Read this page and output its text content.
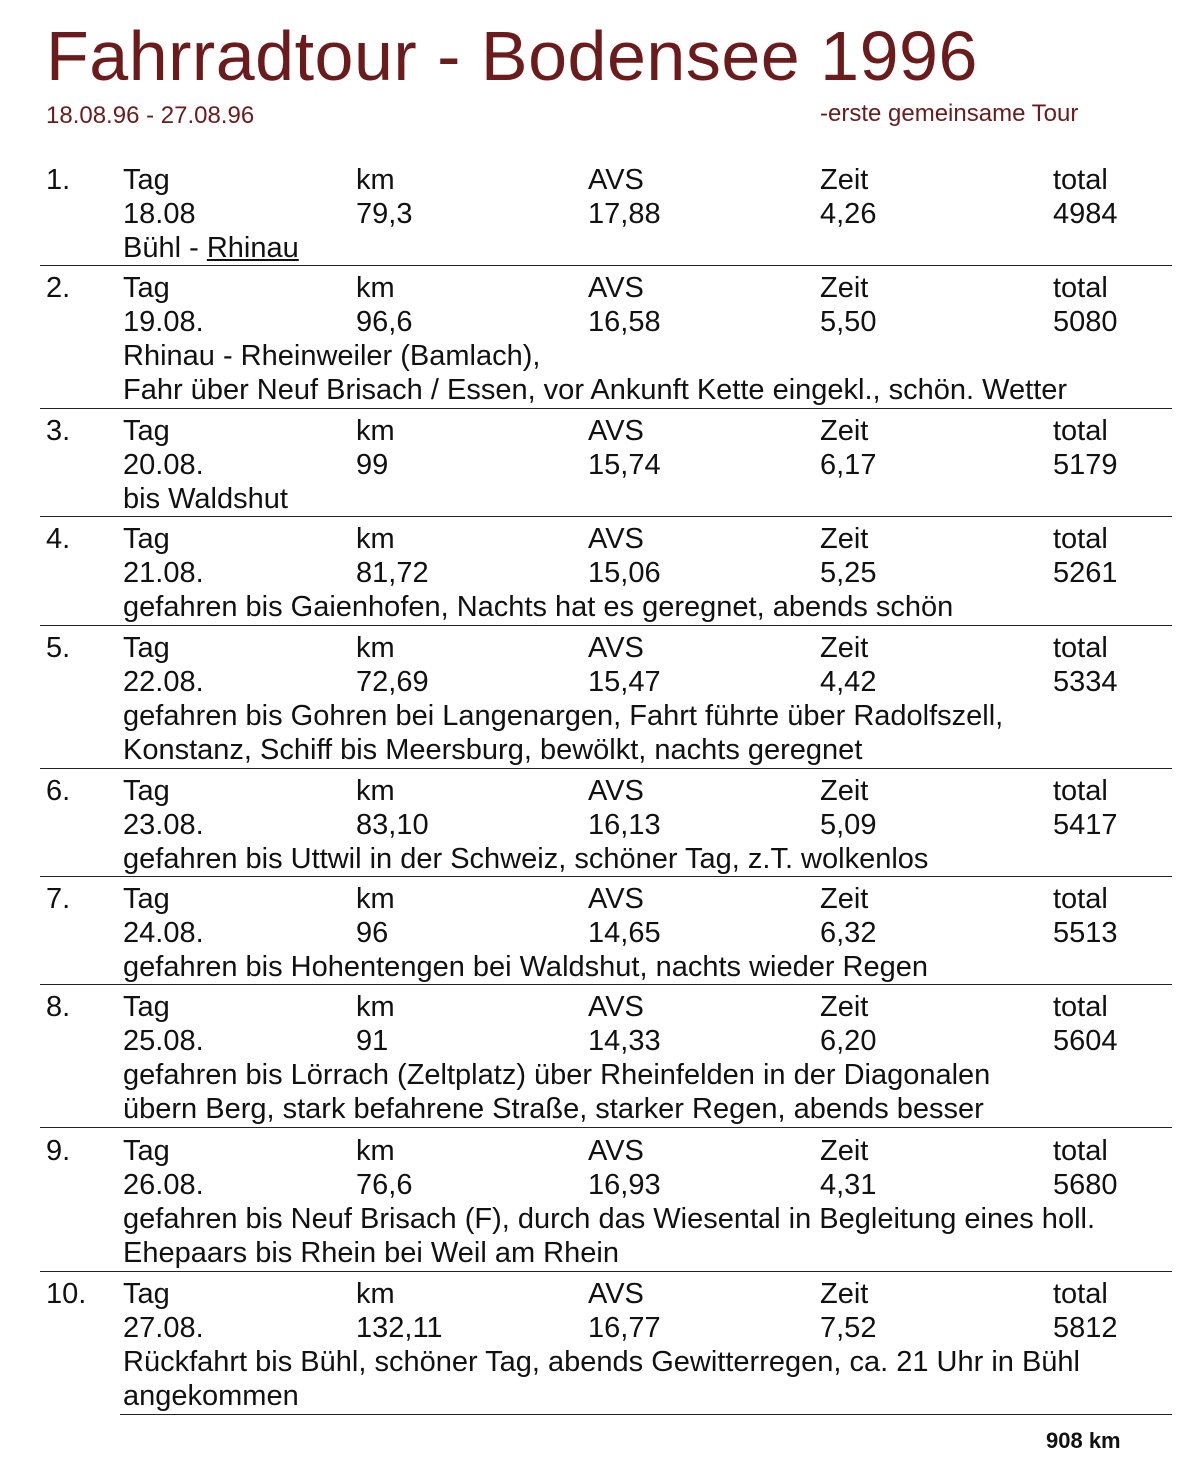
Fahrradtour - Bodensee 1996
18.08.96 - 27.08.96	-erste gemeinsame Tour
1. Tag	km	AVS	Zeit	total
18.08	79,3	17,88	4,26	4984
Bühl - Rhinau
2. Tag	km	AVS	Zeit	total
19.08.	96,6	16,58	5,50	5080
Rhinau - Rheinweiler (Bamlach),
Fahr über Neuf Brisach / Essen, vor Ankunft Kette eingekl., schön. Wetter
3. Tag	km	AVS	Zeit	total
20.08.	99	15,74	6,17	5179
bis Waldshut
4. Tag	km	AVS	Zeit	total
21.08.	81,72	15,06	5,25	5261
gefahren bis Gaienhofen, Nachts hat es geregnet, abends schön
5. Tag	km	AVS	Zeit	total
22.08.	72,69	15,47	4,42	5334
gefahren bis Gohren bei Langenargen, Fahrt führte über Radolfszell,
Konstanz, Schiff bis Meersburg, bewölkt, nachts geregnet
6. Tag	km	AVS	Zeit	total
23.08.	83,10	16,13	5,09	5417
gefahren bis Uttwil in der Schweiz, schöner Tag, z.T. wolkenlos
7. Tag	km	AVS	Zeit	total
24.08.	96	14,65	6,32	5513
gefahren bis Hohentengen bei Waldshut, nachts wieder Regen
8. Tag	km	AVS	Zeit	total
25.08.	91	14,33	6,20	5604
gefahren bis Lörrach (Zeltplatz) über Rheinfelden in der Diagonalen
übern Berg, stark befahrene Straße, starker Regen, abends besser
9. Tag	km	AVS	Zeit	total
26.08.	76,6	16,93	4,31	5680
gefahren bis Neuf Brisach (F), durch das Wiesental in Begleitung eines holl.
Ehepaars bis Rhein bei Weil am Rhein
10. Tag	km	AVS	Zeit	total
27.08.	132,11	16,77	7,52	5812
Rückfahrt bis Bühl, schöner Tag, abends Gewitterregen, ca. 21 Uhr in Bühl
angekommen
908 km
